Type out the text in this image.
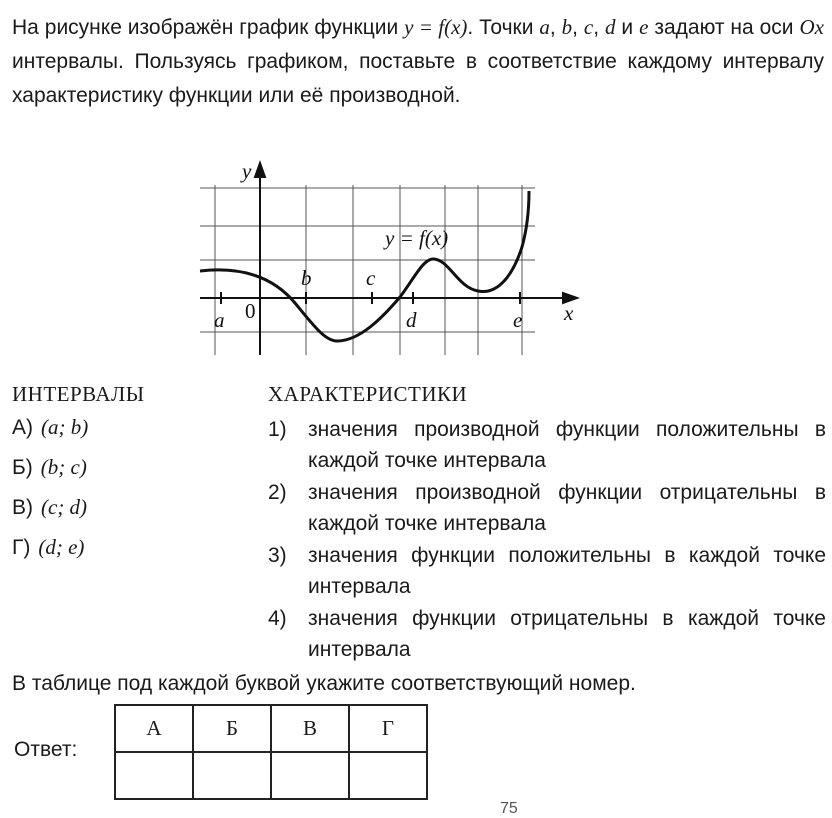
На рисунке изображён график функции y = f(x). Точки a, b, c, d и e задают на оси Ox интервалы. Пользуясь графиком, поставьте в соответствие каждому интервалу характеристику функции или её производной.
y
x
y = f(x)
a
b	c
d	e
0
ИНТЕРВАЛЫ	ХАРАКТЕРИСТИКИ
А) (a; b)
Б) (b; c)
В) (c; d)
Г) (d; e)
1) значения производной функции положительны в каждой точке интервала
2) значения производной функции отрицательны в каждой точке интервала
3) значения функции положительны в каждой точке интервала
4) значения функции отрицательны в каждой точке интервала
В таблице под каждой буквой укажите соответствующий номер.
Ответ:
А	Б	В	Г

75
